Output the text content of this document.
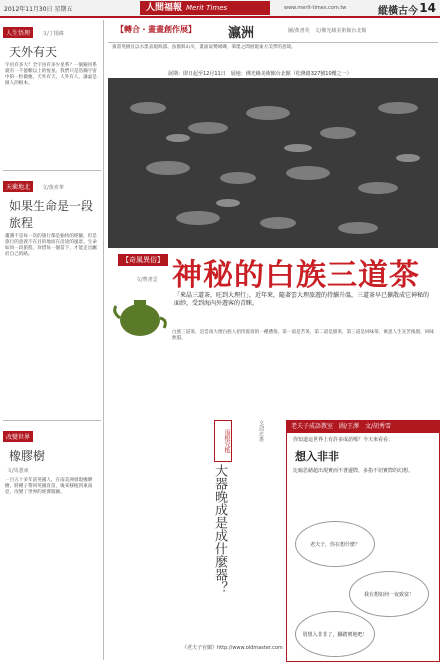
2012年11月30日 星期五	人間福報 Merit Times	www.merit-times.com.tw	縱橫古今 14
人生悟理 文/丁揚緯
天外有天
宇宙有多大？全宇宙有多少星系？一個銀河系就有一千億顆以上的恆星。我們只是浩瀚宇宙中的一粒微塵。天外有天，人外有人，謙虛是做人的根本。
天衝地北 文/黃喜華
如果生命是一段旅程
蘆溝不是每一次的旅行都是愉快的經驗，但是旅行的意義不在目的地而在沿途的風景。生命如同一段旅程，珍惜每一個當下，才能走出屬於自己的路。
改變世界
橡膠樹
文/馬蕙東
一百五十多年前英國人，在南美洲發現橡膠樹，將種子帶回英國育苗，後來移植到東南亞，改變了世界的經濟版圖。
【轉合・畫畫創作展】 瀛洲	圖/黃書英　文/佛光緣美術館台北館
黃書英擅長以水墨表現海濤、魚群與山川，畫面氣勢磅礡，筆墨之間展現東方美學的意境。
展期：即日起至12月11日　展地：佛光緣美術館台北館（松隆路327號10樓之一）
【奇風異俗】 神秘的白族三道茶
文/曹書雲
「來晶三道茶，旺到大理行」，近年來，隨著雲大理旅遊的持續升溫，三道茶早已擴散成它神秘的面紗，受到海內外遊客的青睞。
白族三道茶，是雲南大理白族人招待賓客的一種禮俗。第一道是苦茶，第二道是甜茶，第三道是回味茶，寓意人生先苦後甜，回味無窮。
追根究柢
大器晚成是成什麼器？
文/周忠惠	老夫子成語教室　圖/王澤　文/胡秀雪
你知道這世界上有許多成語嗎？今天來看看：
想入非非
比喻思緒超出現實而不著邊際，多指不切實際的幻想。
老夫子，你在想什麼？
我在想如何一夜致富！
別想入非非了，腳踏實地吧！
《老夫子官網》http://www.oldmaster.com
